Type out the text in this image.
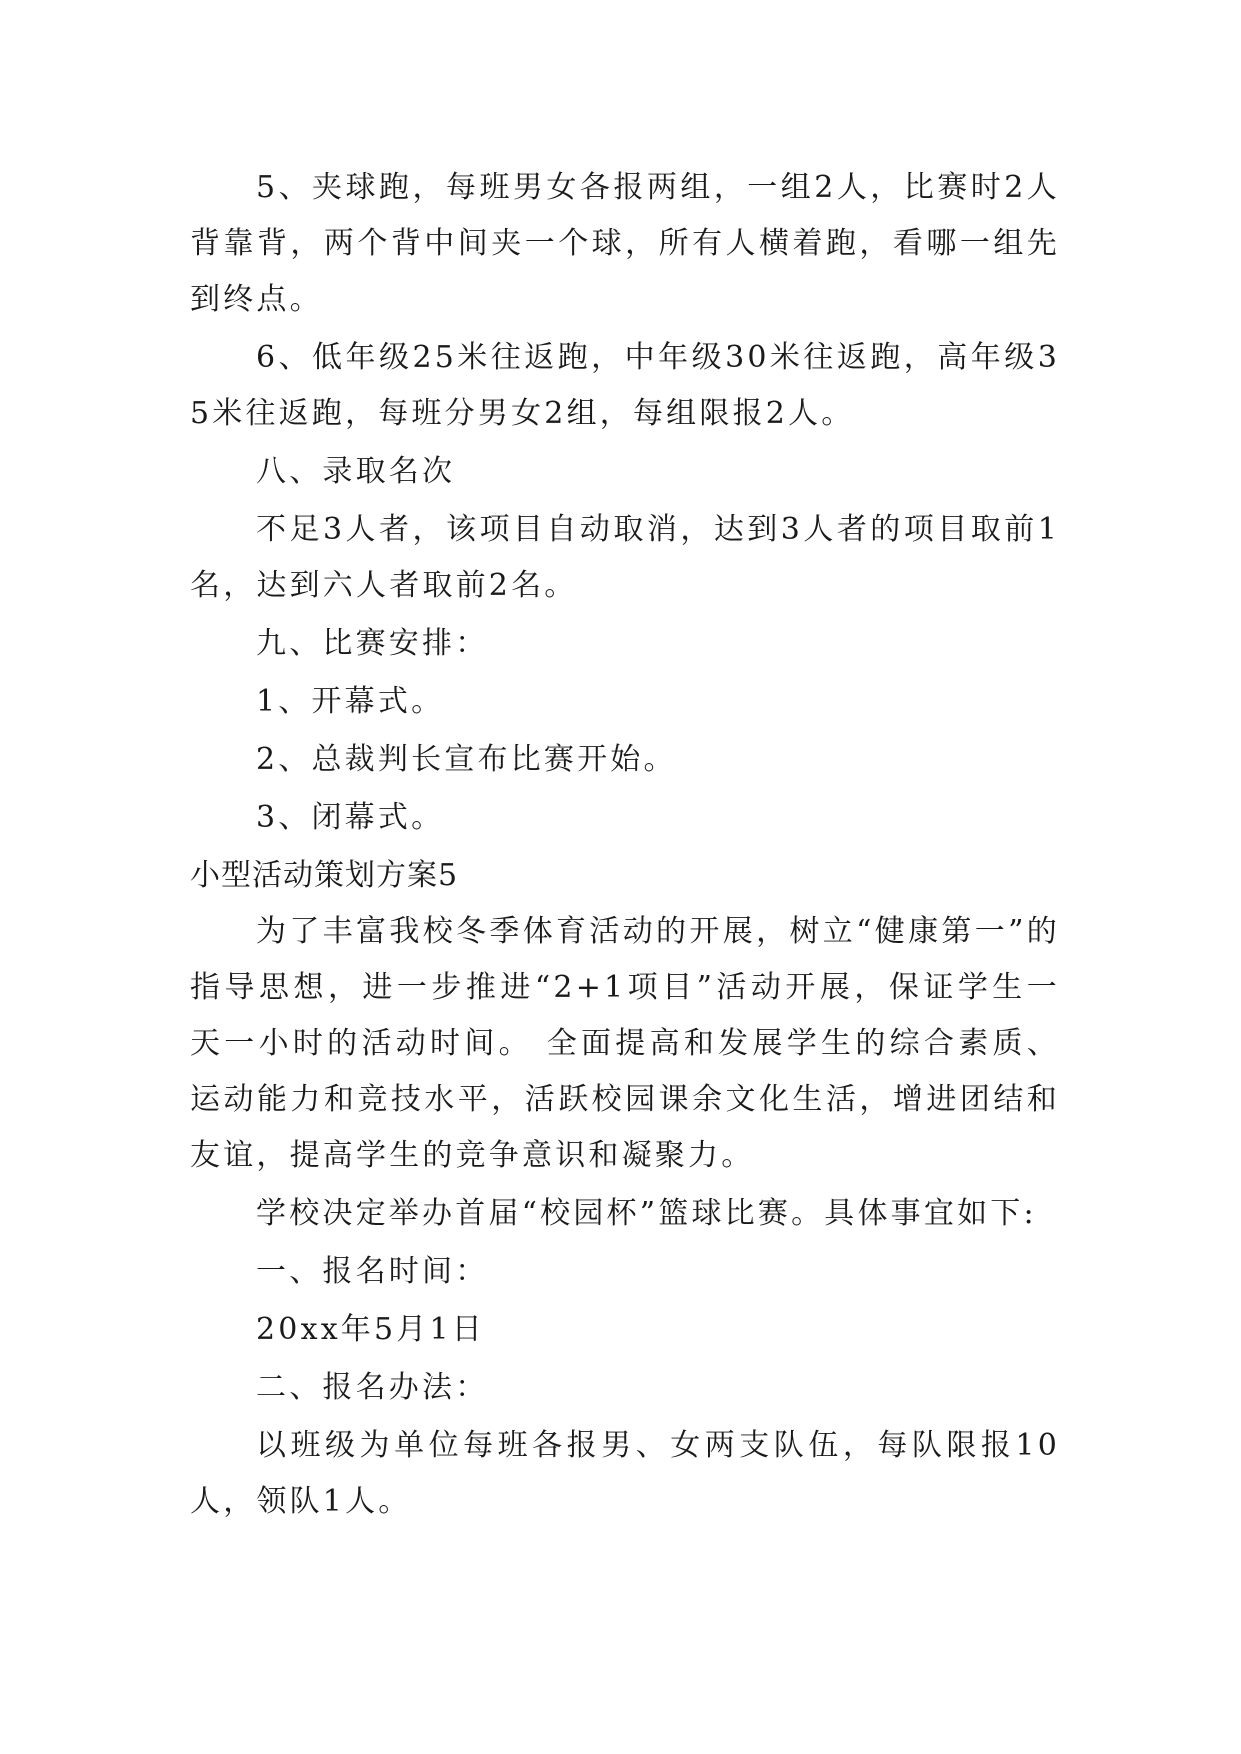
5、夹球跑，每班男女各报两组，一组2人，比赛时2人背靠背，两个背中间夹一个球，所有人横着跑，看哪一组先到终点。

6、低年级25米往返跑，中年级30米往返跑，高年级35米往返跑，每班分男女2组，每组限报2人。

八、录取名次

不足3人者，该项目自动取消，达到3人者的项目取前1名，达到六人者取前2名。

九、比赛安排：

1、开幕式。

2、总裁判长宣布比赛开始。

3、闭幕式。

小型活动策划方案5

为了丰富我校冬季体育活动的开展，树立“健康第一”的指导思想，进一步推进“2+1项目”活动开展，保证学生一天一小时的活动时间。 全面提高和发展学生的综合素质、运动能力和竞技水平，活跃校园课余文化生活，增进团结和友谊，提高学生的竞争意识和凝聚力。

学校决定举办首届“校园杯”篮球比赛。具体事宜如下:

一、报名时间：

20xx年5月1日

二、报名办法：

以班级为单位每班各报男、女两支队伍，每队限报10人，领队1人。
